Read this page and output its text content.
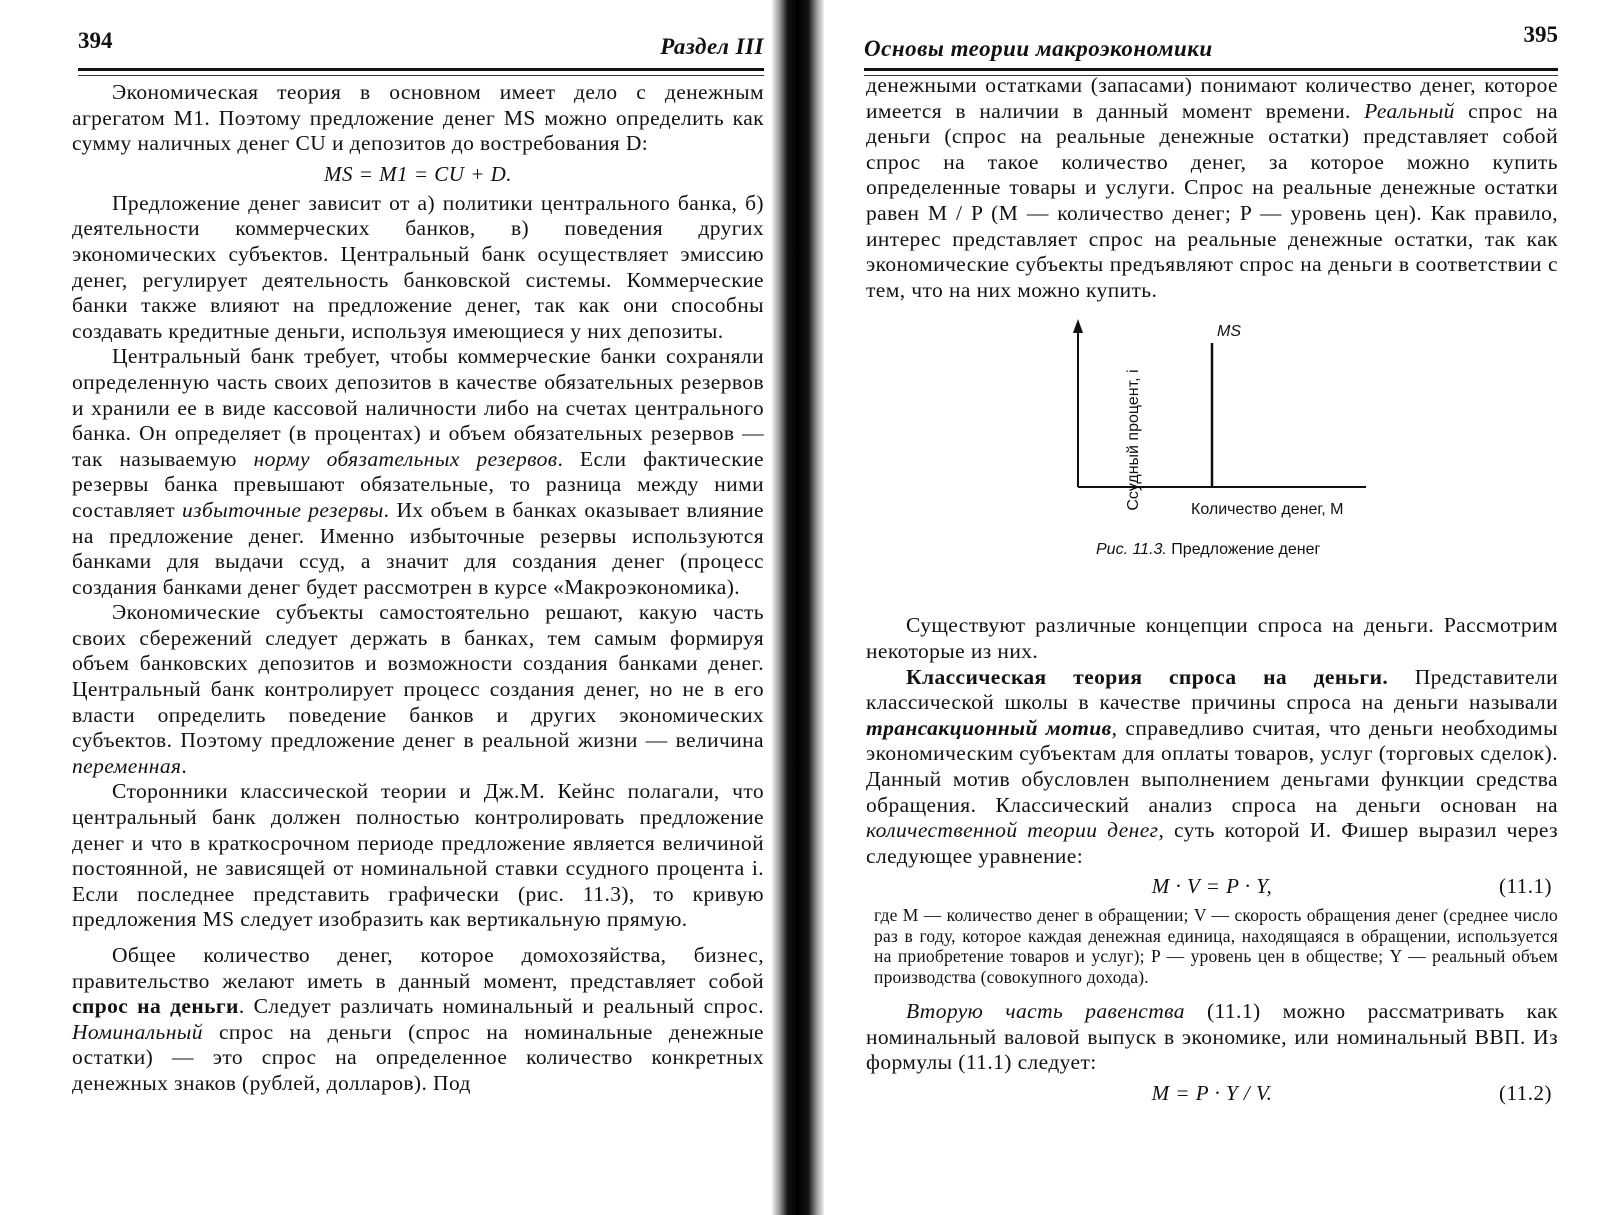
394	Раздел III

Экономическая теория в основном имеет дело с денежным агрегатом М1. Поэтому предложение денег MS можно определить как сумму наличных денег CU и депозитов до востребования D:

MS = M1 = CU + D.

Предложение денег зависит от а) политики центрального банка, б) деятельности коммерческих банков, в) поведения других экономических субъектов. Центральный банк осуществляет эмиссию денег, регулирует деятельность банковской системы. Коммерческие банки также влияют на предложение денег, так как они способны создавать кредитные деньги, используя имеющиеся у них депозиты.

Центральный банк требует, чтобы коммерческие банки сохраняли определенную часть своих депозитов в качестве обязательных резервов и хранили ее в виде кассовой наличности либо на счетах центрального банка. Он определяет (в процентах) и объем обязательных резервов — так называемую норму обязательных резервов. Если фактические резервы банка превышают обязательные, то разница между ними составляет избыточные резервы. Их объем в банках оказывает влияние на предложение денег. Именно избыточные резервы используются банками для выдачи ссуд, а значит для создания денег (процесс создания банками денег будет рассмотрен в курсе «Макроэкономика).

Экономические субъекты самостоятельно решают, какую часть своих сбережений следует держать в банках, тем самым формируя объем банковских депозитов и возможности создания банками денег. Центральный банк контролирует процесс создания денег, но не в его власти определить поведение банков и других экономических субъектов. Поэтому предложение денег в реальной жизни — величина переменная.

Сторонники классической теории и Дж.М. Кейнс полагали, что центральный банк должен полностью контролировать предложение денег и что в краткосрочном периоде предложение является величиной постоянной, не зависящей от номинальной ставки ссудного процента i. Если последнее представить графически (рис. 11.3), то кривую предложения MS следует изобразить как вертикальную прямую.

Общее количество денег, которое домохозяйства, бизнес, правительство желают иметь в данный момент, представляет собой спрос на деньги. Следует различать номинальный и реальный спрос. Номинальный спрос на деньги (спрос на номинальные денежные остатки) — это спрос на определенное количество конкретных денежных знаков (рублей, долларов). Под

Основы теории макроэкономики
395

денежными остатками (запасами) понимают количество денег, которое имеется в наличии в данный момент времени. Реальный спрос на деньги (спрос на реальные денежные остатки) представляет собой спрос на такое количество денег, за которое можно купить определенные товары и услуги. Спрос на реальные денежные остатки равен M / P (M — количество денег; P — уровень цен). Как правило, интерес представляет спрос на реальные денежные остатки, так как экономические субъекты предъявляют спрос на деньги в соответствии с тем, что на них можно купить.

Ссудный процент, i
MS
Количество денег, M
Рис. 11.3. Предложение денег

Существуют различные концепции спроса на деньги. Рассмотрим некоторые из них.

Классическая теория спроса на деньги. Представители классической школы в качестве причины спроса на деньги называли трансакционный мотив, справедливо считая, что деньги необходимы экономическим субъектам для оплаты товаров, услуг (торговых сделок). Данный мотив обусловлен выполнением деньгами функции средства обращения. Классический анализ спроса на деньги основан на количественной теории денег, суть которой И. Фишер выразил через следующее уравнение:

M · V = P · Y,	(11.1)

где M — количество денег в обращении; V — скорость обращения денег (среднее число раз в году, которое каждая денежная единица, находящаяся в обращении, используется на приобретение товаров и услуг); P — уровень цен в обществе; Y — реальный объем производства (совокупного дохода).

Вторую часть равенства (11.1) можно рассматривать как номинальный валовой выпуск в экономике, или номинальный ВВП. Из формулы (11.1) следует:

M = P · Y / V.	(11.2)
